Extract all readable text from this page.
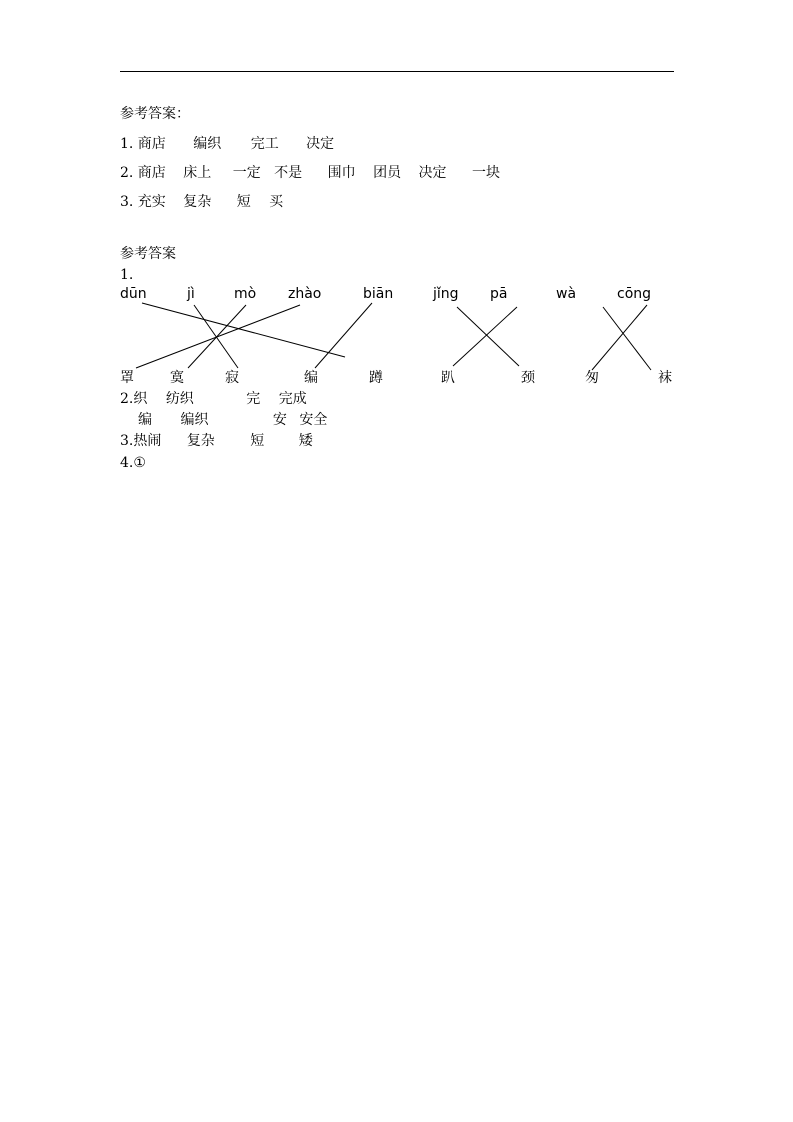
参考答案：
1. 商店 编织 完工 决定
2. 商店 床上 一定 不是 围巾 团员 决定 一块
3. 充实 复杂 短 买
参考答案
1.
dūn	jì	mò zhào	biān	jǐng pā	wà	cōng
罩	寞	寂	编	蹲	趴	颈	匆	袜
2.织 纺织	完 完成
编 编织	安 安全
3.热闹 复杂	短 矮
4.①
